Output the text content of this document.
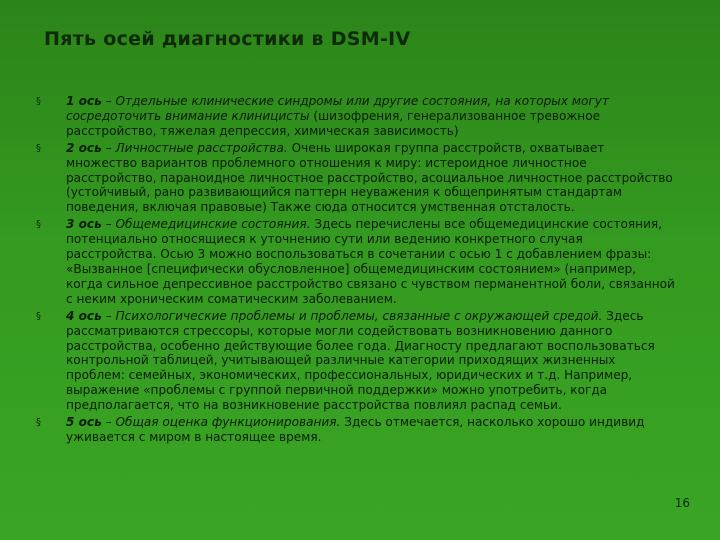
Пять осей диагностики в DSM-IV
§ 1 ось – Отдельные клинические синдромы или другие состояния, на которых могут сосредоточить внимание клиницисты (шизофрения, генерализованное тревожное расстройство, тяжелая депрессия, химическая зависимость)
§ 2 ось – Личностные расстройства. Очень широкая группа расстройств, охватывает множество вариантов проблемного отношения к миру: истероидное личностное расстройство, параноидное личностное расстройство, асоциальное личностное расстройство (устойчивый, рано развивающийся паттерн неуважения к общепринятым стандартам поведения, включая правовые) Также сюда относится умственная отсталость.
§ 3 ось – Общемедицинские состояния. Здесь перечислены все общемедицинские состояния, потенциально относящиеся к уточнению сути или ведению конкретного случая расстройства. Осью 3 можно воспользоваться в сочетании с осью 1 с добавлением фразы: «Вызванное [специфически обусловленное] общемедицинским состоянием» (например, когда сильное депрессивное расстройство связано с чувством перманентной боли, связанной с неким хроническим соматическим заболеванием.
§ 4 ось – Психологические проблемы и проблемы, связанные с окружающей средой. Здесь рассматриваются стрессоры, которые могли содействовать возникновению данного расстройства, особенно действующие более года. Диагносту предлагают воспользоваться контрольной таблицей, учитывающей различные категории приходящих жизненных проблем: семейных, экономических, профессиональных, юридических и т.д. Например, выражение «проблемы с группой первичной поддержки» можно употребить, когда предполагается, что на возникновение расстройства повлиял распад семьи.
§ 5 ось – Общая оценка функционирования. Здесь отмечается, насколько хорошо индивид уживается с миром в настоящее время.
16
